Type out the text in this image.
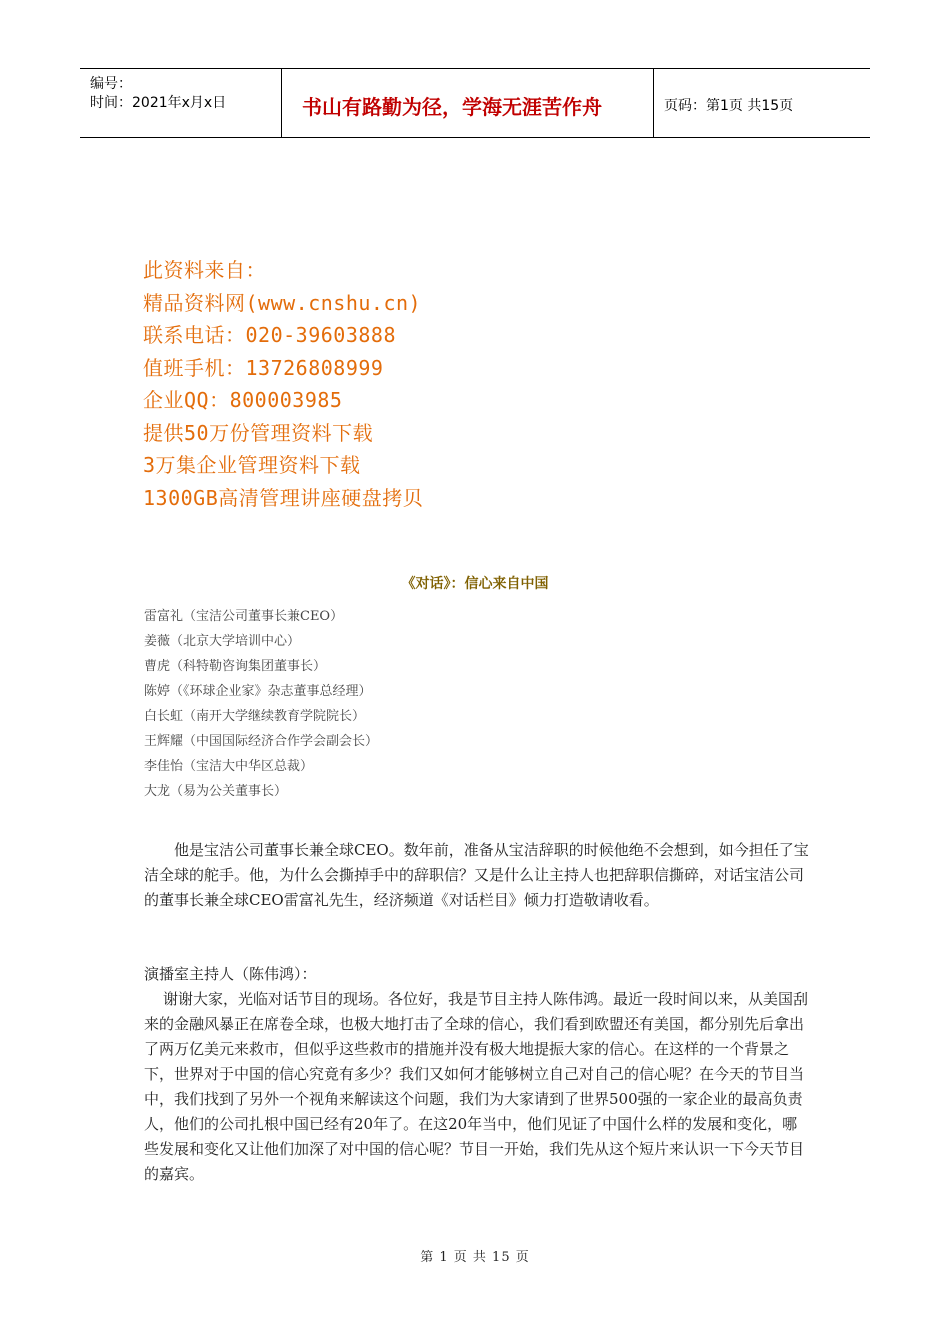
编号：
时间：2021年x月x日	书山有路勤为径，学海无涯苦作舟	页码：第1页 共15页
此资料来自：
精品资料网(www.cnshu.cn)
联系电话：020-39603888
值班手机：13726808999
企业QQ：800003985
提供50万份管理资料下载
3万集企业管理资料下载
1300GB高清管理讲座硬盘拷贝
《对话》：信心来自中国
雷富礼（宝洁公司董事长兼CEO）
姜薇（北京大学培训中心）
曹虎（科特勒咨询集团董事长）
陈婷（《环球企业家》杂志董事总经理）
白长虹（南开大学继续教育学院院长）
王辉耀（中国国际经济合作学会副会长）
李佳怡（宝洁大中华区总裁）
大龙（易为公关董事长）

他是宝洁公司董事长兼全球CEO。数年前，准备从宝洁辞职的时候他绝不会想到，如今担任了宝洁全球的舵手。他，为什么会撕掉手中的辞职信？又是什么让主持人也把辞职信撕碎，对话宝洁公司的董事长兼全球CEO雷富礼先生，经济频道《对话栏目》倾力打造敬请收看。

演播室主持人（陈伟鸿）：

谢谢大家，光临对话节目的现场。各位好，我是节目主持人陈伟鸿。最近一段时间以来，从美国刮来的金融风暴正在席卷全球，也极大地打击了全球的信心，我们看到欧盟还有美国，都分别先后拿出了两万亿美元来救市，但似乎这些救市的措施并没有极大地提振大家的信心。在这样的一个背景之下，世界对于中国的信心究竟有多少？我们又如何才能够树立自己对自己的信心呢？在今天的节目当中，我们找到了另外一个视角来解读这个问题，我们为大家请到了世界500强的一家企业的最高负责人，他们的公司扎根中国已经有20年了。在这20年当中，他们见证了中国什么样的发展和变化，哪些发展和变化又让他们加深了对中国的信心呢？节目一开始，我们先从这个短片来认识一下今天节目的嘉宾。

第 1 页 共 15 页
